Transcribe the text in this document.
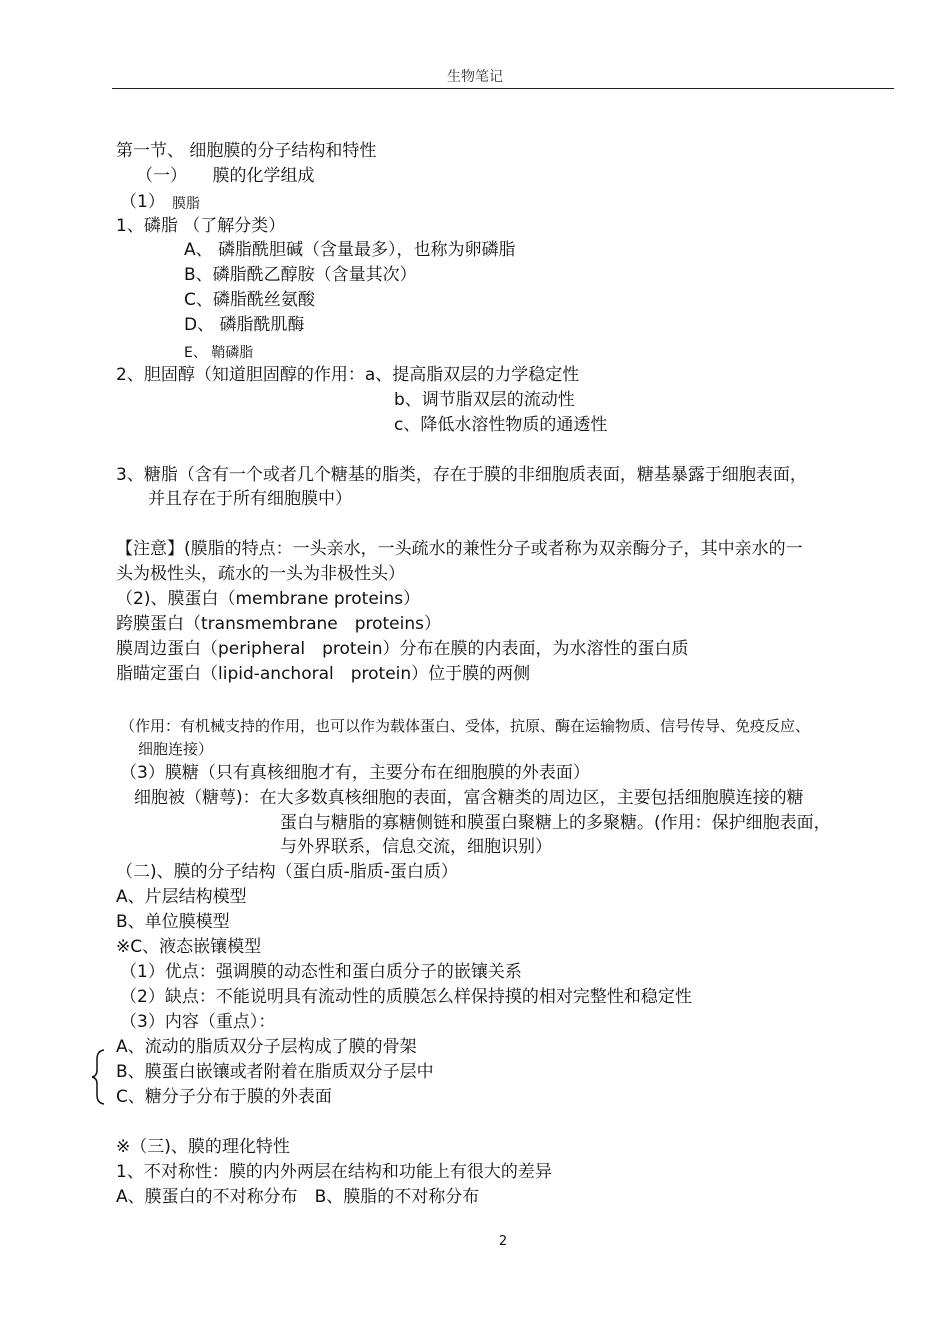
生物笔记
第一节、 细胞膜的分子结构和特性
（一）　　膜的化学组成
（1） 膜脂
1、磷脂 （了解分类）
A、 磷脂酰胆碱（含量最多），也称为卵磷脂
B、磷脂酰乙醇胺（含量其次）
C、磷脂酰丝氨酸
D、 磷脂酰肌酶
E、 鞘磷脂
2、胆固醇（知道胆固醇的作用：a、提高脂双层的力学稳定性
b、调节脂双层的流动性
c、降低水溶性物质的通透性
3、糖脂（含有一个或者几个糖基的脂类，存在于膜的非细胞质表面，糖基暴露于细胞表面，
并且存在于所有细胞膜中）
【注意】(膜脂的特点：一头亲水，一头疏水的兼性分子或者称为双亲酶分子，其中亲水的一
头为极性头，疏水的一头为非极性头）
（2)、膜蛋白（membrane proteins）
跨膜蛋白（transmembrane　proteins）
膜周边蛋白（peripheral　protein）分布在膜的内表面，为水溶性的蛋白质
脂瞄定蛋白（lipid-anchoral　protein）位于膜的两侧
（作用：有机械支持的作用，也可以作为载体蛋白、受体，抗原、酶在运输物质、信号传导、免疫反应、
细胞连接）
（3）膜糖（只有真核细胞才有，主要分布在细胞膜的外表面）
细胞被（糖萼)：在大多数真核细胞的表面，富含糖类的周边区，主要包括细胞膜连接的糖
蛋白与糖脂的寡糖侧链和膜蛋白聚糖上的多聚糖。(作用：保护细胞表面，
与外界联系，信息交流，细胞识别）
（二)、膜的分子结构（蛋白质-脂质-蛋白质）
A、片层结构模型
B、单位膜模型
※C、液态嵌镶模型
（1）优点：强调膜的动态性和蛋白质分子的嵌镶关系
（2）缺点：不能说明具有流动性的质膜怎么样保持摸的相对完整性和稳定性
（3）内容（重点）：
A、流动的脂质双分子层构成了膜的骨架
B、膜蛋白嵌镶或者附着在脂质双分子层中
C、糖分子分布于膜的外表面
※（三)、膜的理化特性
1、不对称性：膜的内外两层在结构和功能上有很大的差异
A、膜蛋白的不对称分布　B、膜脂的不对称分布
2
